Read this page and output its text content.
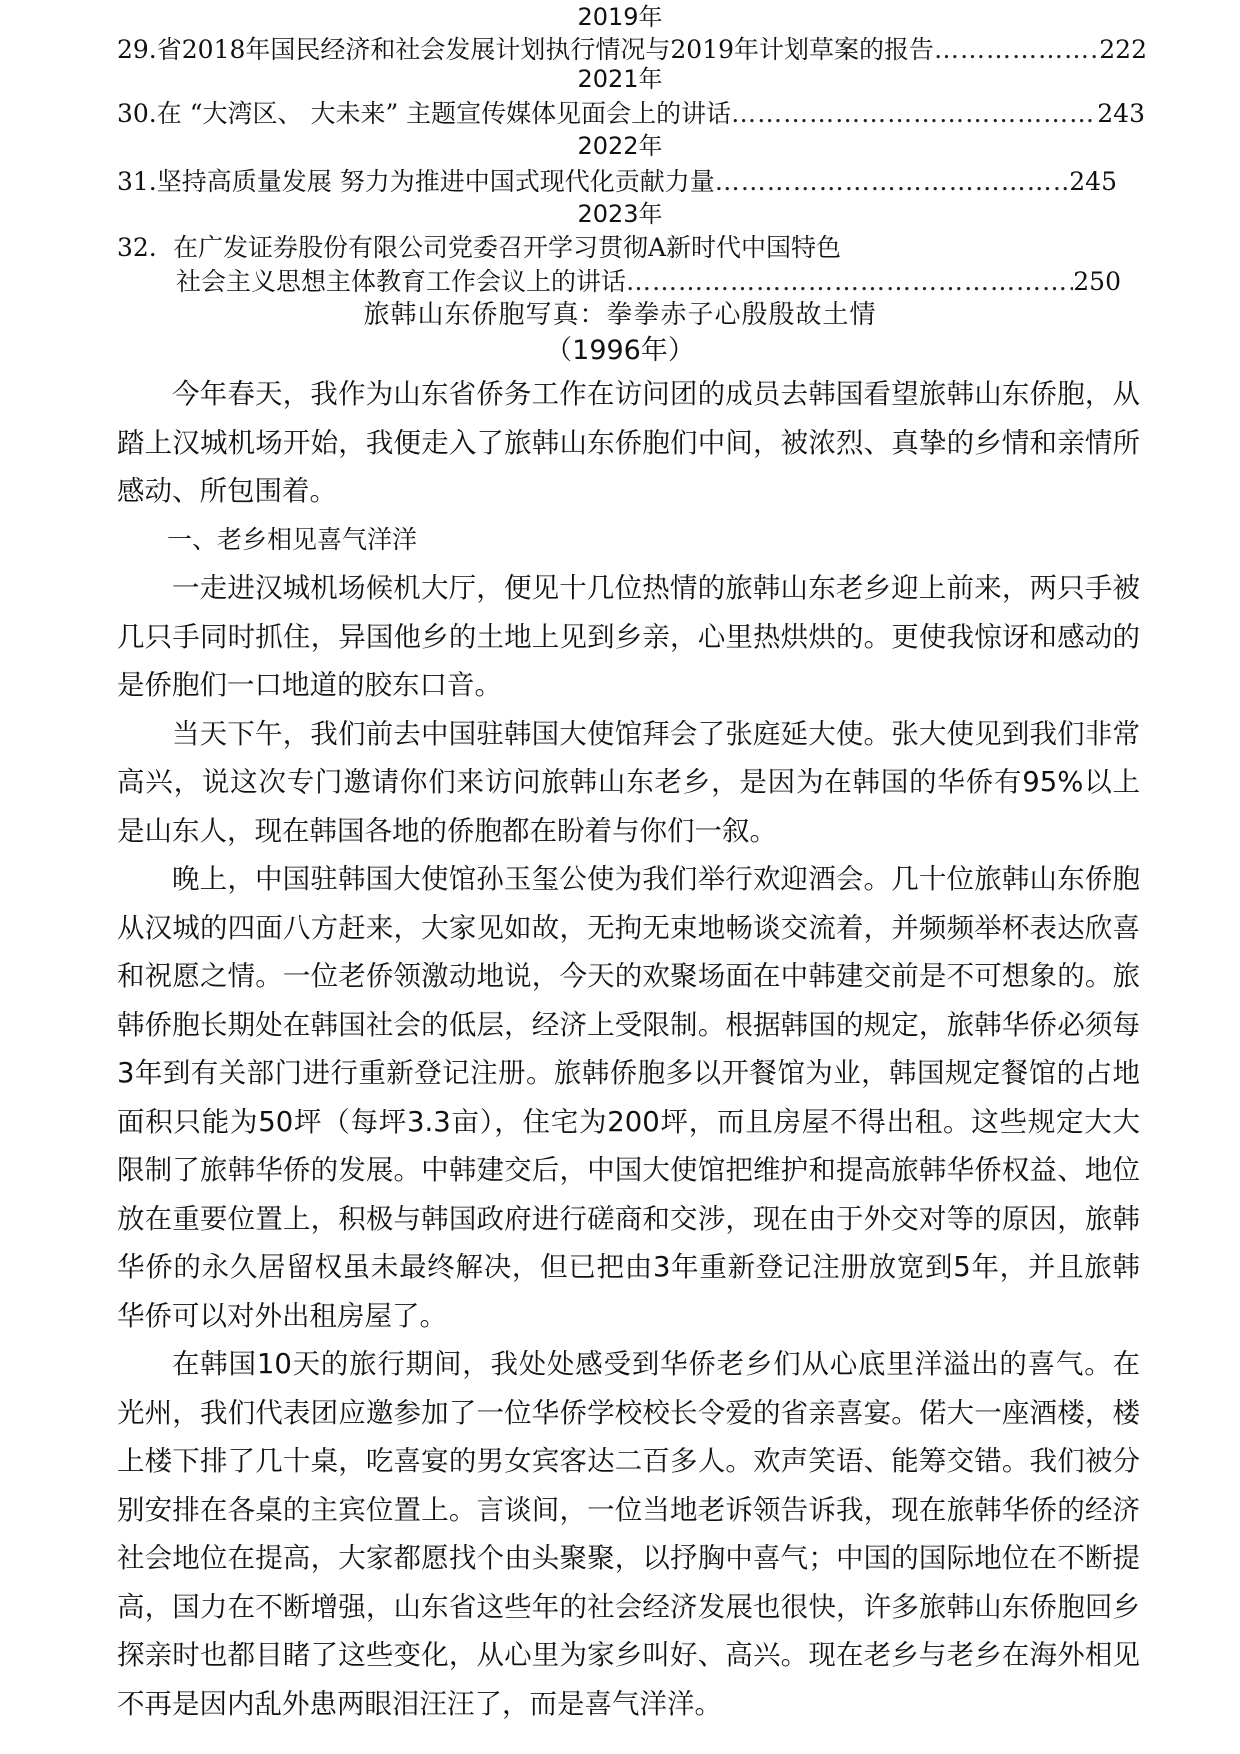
2019年
29. 省2018年国民经济和社会发展计划执行情况与2019年计划草案的报告 ………………………………………………………………………………………………………………………………	222
2021年
30. 在 “大湾区、 大未来” 主题宣传媒体见面会上的讲话 ………………………………………………………………………………………………………………………………	243
2022年
31. 坚持高质量发展 努力为推进中国式现代化贡献力量 ………………………………………………………………………………………………………………………………	245
2023年
32. 在广发证券股份有限公司党委召开学习贯彻A新时代中国特色
社会主义思想主体教育工作会议上的讲话 ………………………………………………………………………………………………………………………………	250
旅韩山东侨胞写真：拳拳赤子心殷殷故土情
（1996年）

今年春天，我作为山东省侨务工作在访问团的成员去韩国看望旅韩山东侨胞，从踏上汉城机场开始，我便走入了旅韩山东侨胞们中间，被浓烈、真挚的乡情和亲情所感动、所包围着。

一、老乡相见喜气洋洋

一走进汉城机场候机大厅，便见十几位热情的旅韩山东老乡迎上前来，两只手被几只手同时抓住，异国他乡的土地上见到乡亲，心里热烘烘的。更使我惊讶和感动的是侨胞们一口地道的胶东口音。

当天下午，我们前去中国驻韩国大使馆拜会了张庭延大使。张大使见到我们非常高兴，说这次专门邀请你们来访问旅韩山东老乡，是因为在韩国的华侨有95%以上是山东人，现在韩国各地的侨胞都在盼着与你们一叙。

晚上，中国驻韩国大使馆孙玉玺公使为我们举行欢迎酒会。几十位旅韩山东侨胞从汉城的四面八方赶来，大家见如故，无拘无束地畅谈交流着，并频频举杯表达欣喜和祝愿之情。一位老侨领激动地说，今天的欢聚场面在中韩建交前是不可想象的。旅韩侨胞长期处在韩国社会的低层，经济上受限制。根据韩国的规定，旅韩华侨必须每3年到有关部门进行重新登记注册。旅韩侨胞多以开餐馆为业，韩国规定餐馆的占地面积只能为50坪（每坪3.3亩），住宅为200坪，而且房屋不得出租。这些规定大大限制了旅韩华侨的发展。中韩建交后，中国大使馆把维护和提高旅韩华侨权益、地位放在重要位置上，积极与韩国政府进行磋商和交涉，现在由于外交对等的原因，旅韩华侨的永久居留权虽未最终解决，但已把由3年重新登记注册放宽到5年，并且旅韩华侨可以对外出租房屋了。

在韩国10天的旅行期间，我处处感受到华侨老乡们从心底里洋溢出的喜气。在光州，我们代表团应邀参加了一位华侨学校校长令爱的省亲喜宴。偌大一座酒楼，楼上楼下排了几十桌，吃喜宴的男女宾客达二百多人。欢声笑语、能筹交错。我们被分别安排在各桌的主宾位置上。言谈间，一位当地老诉领告诉我，现在旅韩华侨的经济社会地位在提高，大家都愿找个由头聚聚，以抒胸中喜气；中国的国际地位在不断提高，国力在不断增强，山东省这些年的社会经济发展也很快，许多旅韩山东侨胞回乡探亲时也都目睹了这些变化，从心里为家乡叫好、高兴。现在老乡与老乡在海外相见不再是因内乱外患两眼泪汪汪了，而是喜气洋洋。
